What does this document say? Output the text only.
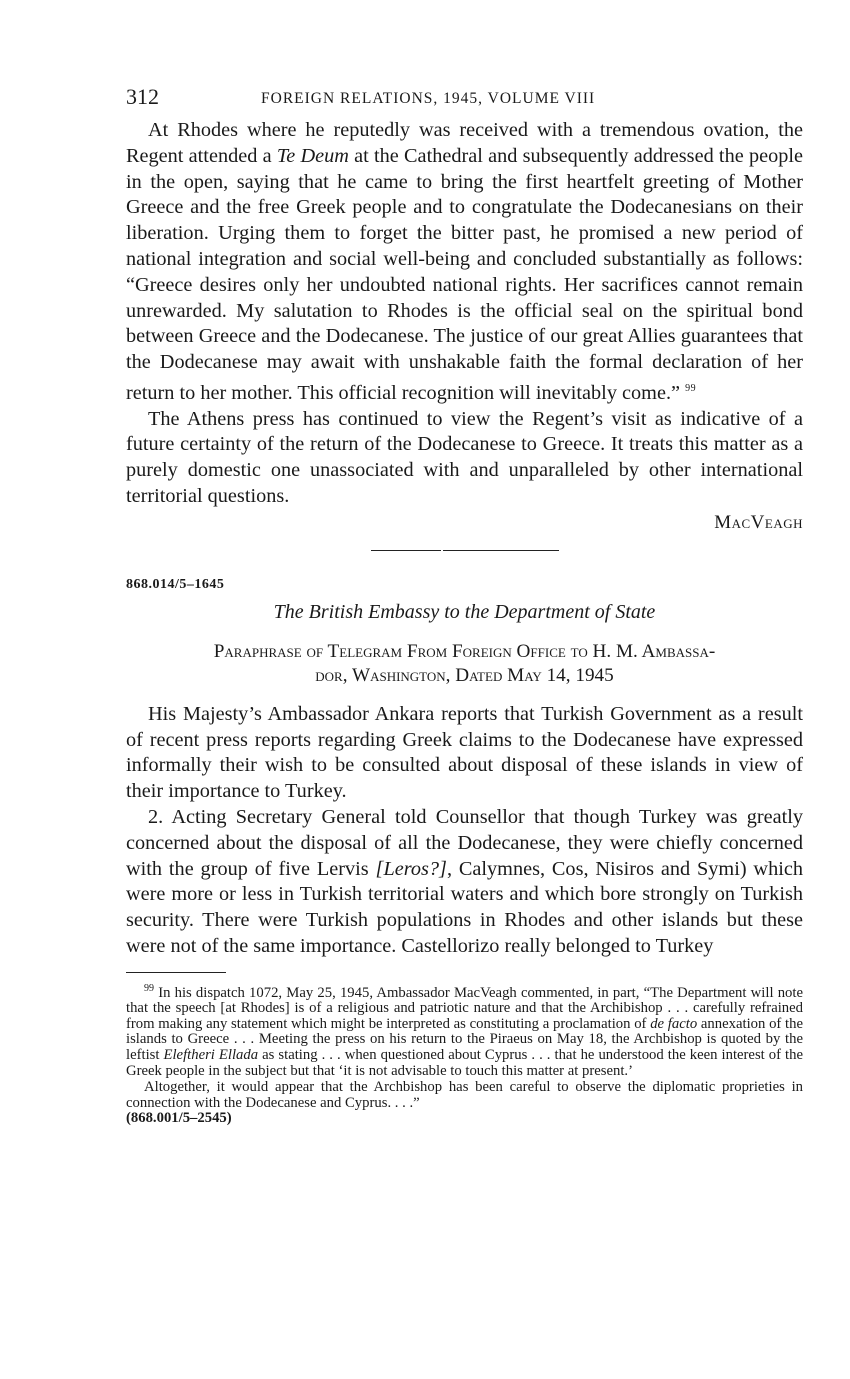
312	FOREIGN RELATIONS, 1945, VOLUME VIII

At Rhodes where he reputedly was received with a tremendous ovation, the Regent attended a Te Deum at the Cathedral and subsequently addressed the people in the open, saying that he came to bring the first heartfelt greeting of Mother Greece and the free Greek people and to congratulate the Dodecanesians on their liberation. Urging them to forget the bitter past, he promised a new period of national integration and social well-being and concluded substantially as follows: “Greece desires only her undoubted national rights. Her sacrifices cannot remain unrewarded. My salutation to Rhodes is the official seal on the spiritual bond between Greece and the Dodecanese. The justice of our great Allies guarantees that the Dodecanese may await with unshakable faith the formal declaration of her return to her mother. This official recognition will inevitably come.” $^{99}$

The Athens press has continued to view the Regent’s visit as indicative of a future certainty of the return of the Dodecanese to Greece. It treats this matter as a purely domestic one unassociated with and unparalleled by other international territorial questions.

MacVeagh
868.014/5–1645
The British Embassy to the Department of State
Paraphrase of Telegram From Foreign Office to H. M. Ambassa-
dor, Washington, Dated May 14, 1945

His Majesty’s Ambassador Ankara reports that Turkish Government as a result of recent press reports regarding Greek claims to the Dodecanese have expressed informally their wish to be consulted about disposal of these islands in view of their importance to Turkey.

2. Acting Secretary General told Counsellor that though Turkey was greatly concerned about the disposal of all the Dodecanese, they were chiefly concerned with the group of five Lervis [Leros?], Calymnes, Cos, Nisiros and Symi) which were more or less in Turkish territorial waters and which bore strongly on Turkish security. There were Turkish populations in Rhodes and other islands but these were not of the same importance. Castellorizo really belonged to Turkey

$^{99}$ In his dispatch 1072, May 25, 1945, Ambassador MacVeagh commented, in part, “The Department will note that the speech [at Rhodes] is of a religious and patriotic nature and that the Archibishop . . . carefully refrained from making any statement which might be interpreted as constituting a proclamation of de facto annexation of the islands to Greece . . . Meeting the press on his return to the Piraeus on May 18, the Archbishop is quoted by the leftist Eleftheri Ellada as stating . . . when questioned about Cyprus . . . that he understood the keen interest of the Greek people in the subject but that ‘it is not advisable to touch this matter at present.’

Altogether, it would appear that the Archbishop has been careful to observe the diplomatic proprieties in connection with the Dodecanese and Cyprus. . . .”
(868.001/5–2545)
